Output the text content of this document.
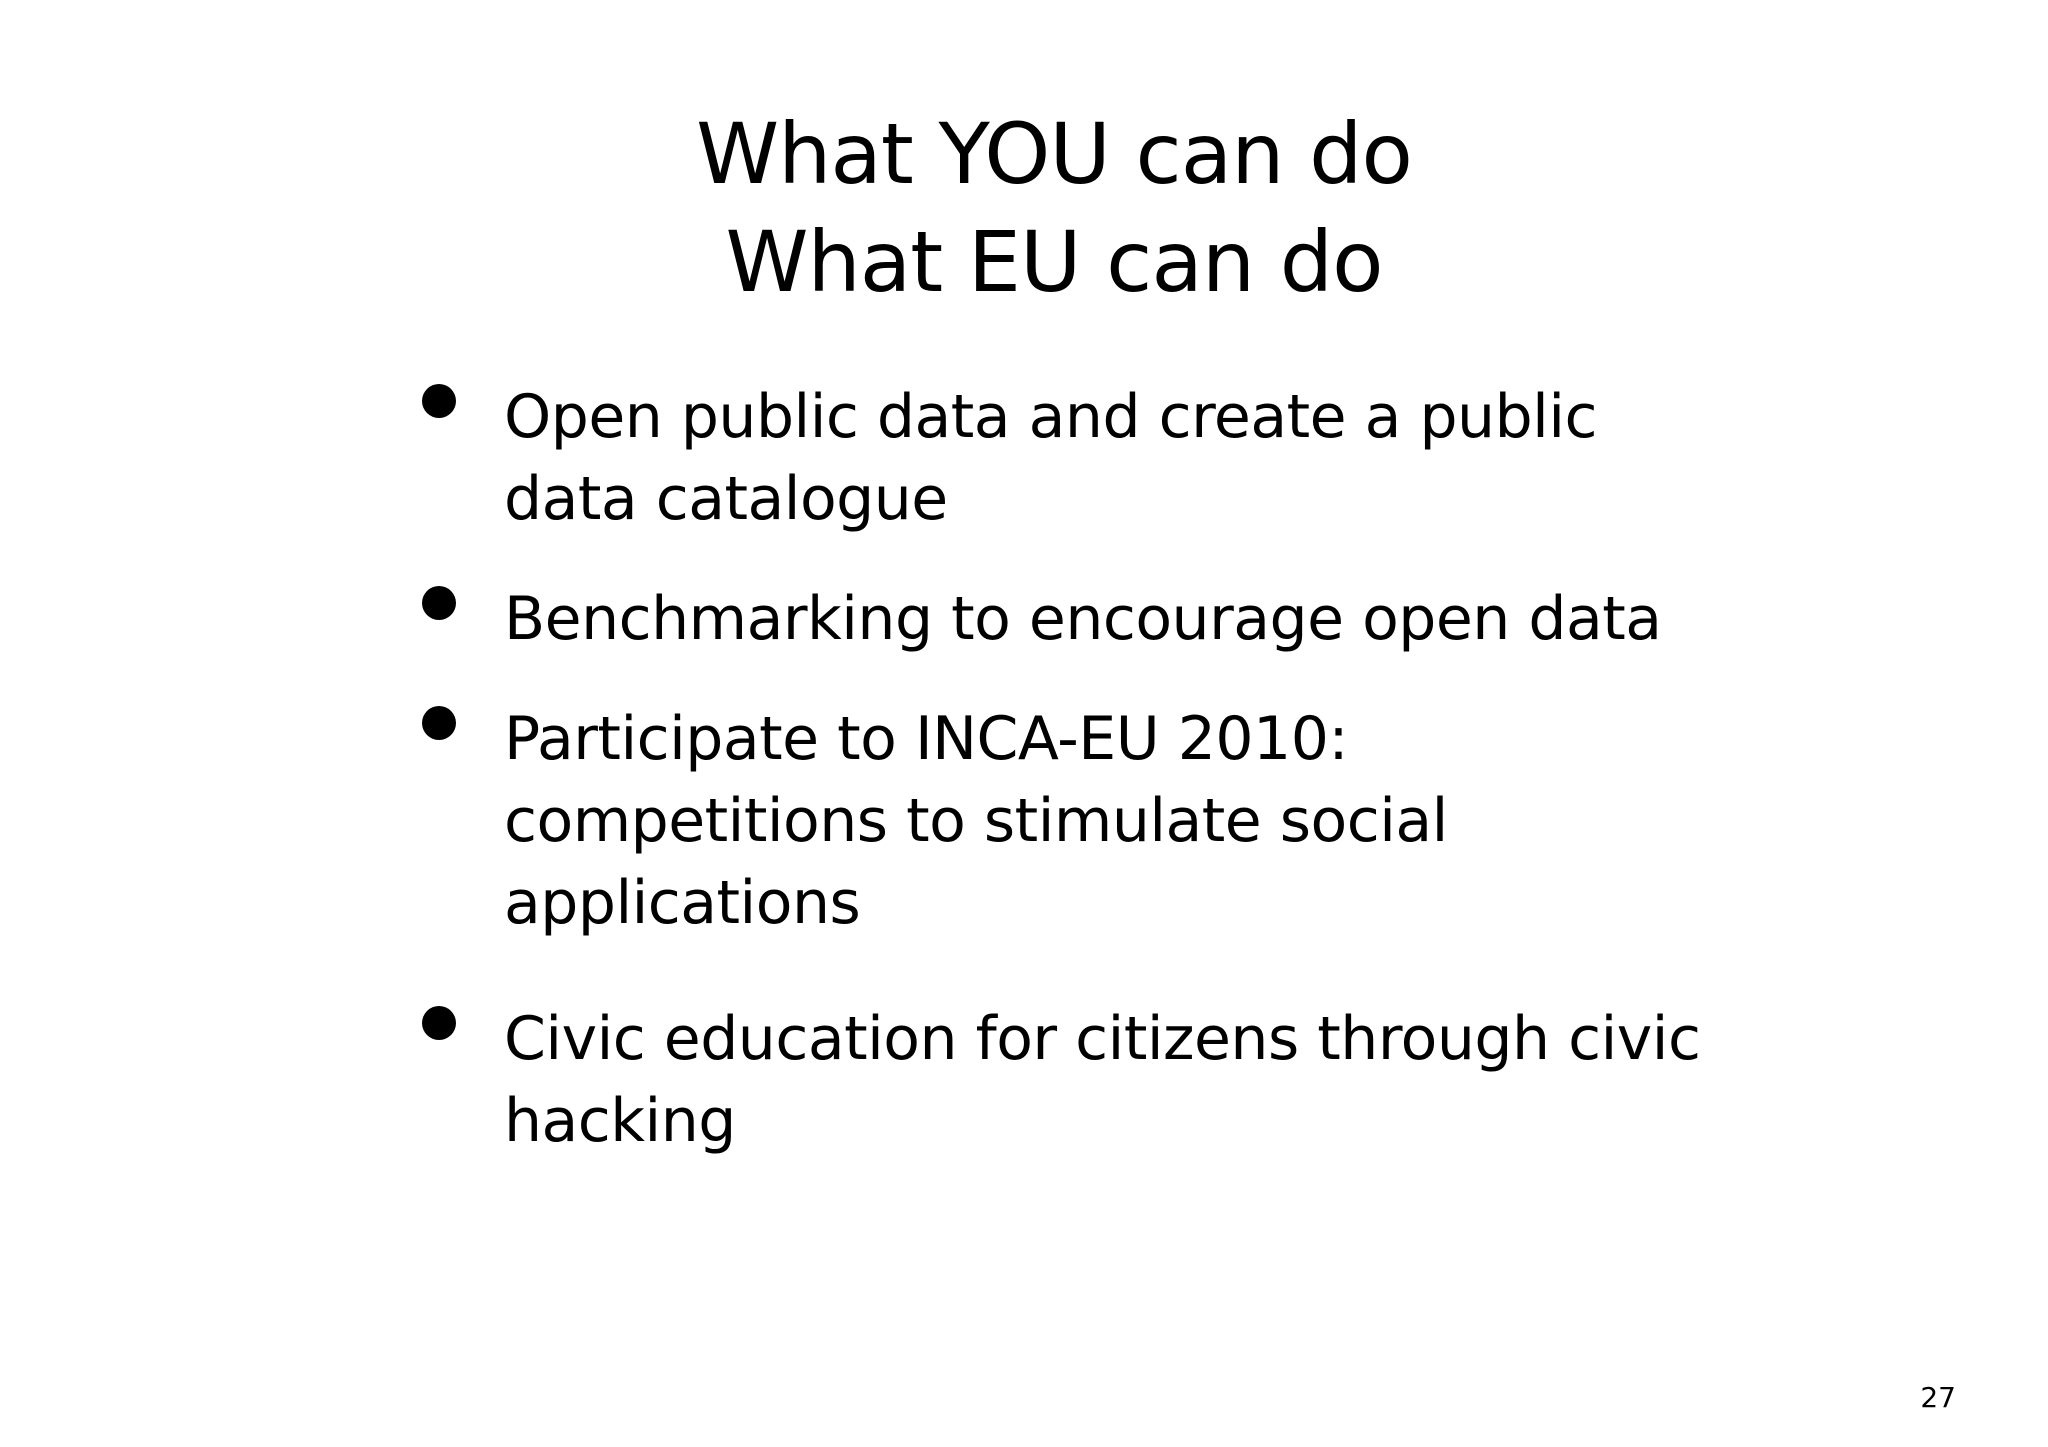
What YOU can do
What EU can do
Open public data and create a public data catalogue
Benchmarking to encourage open data
Participate to INCA-EU 2010: competitions to stimulate social applications
Civic education for citizens through civic hacking
27
